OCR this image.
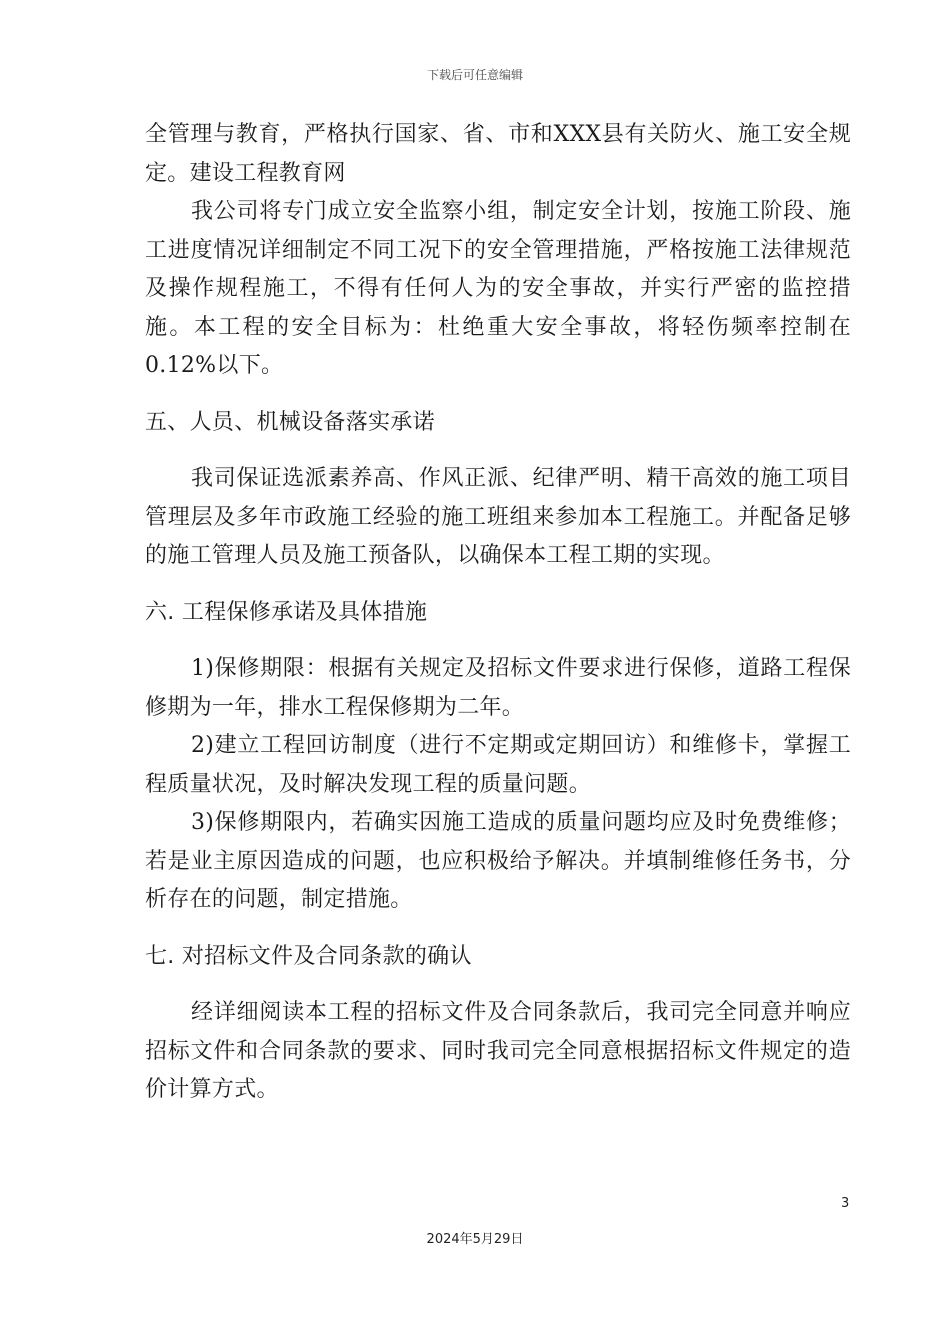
下载后可任意编辑

全管理与教育，严格执行国家、省、市和XXX县有关防火、施工安全规定。建设工程教育网

我公司将专门成立安全监察小组，制定安全计划，按施工阶段、施工进度情况详细制定不同工况下的安全管理措施，严格按施工法律规范及操作规程施工，不得有任何人为的安全事故，并实行严密的监控措施。本工程的安全目标为：杜绝重大安全事故，将轻伤频率控制在0.12%以下。

五、人员、机械设备落实承诺

我司保证选派素养高、作风正派、纪律严明、精干高效的施工项目管理层及多年市政施工经验的施工班组来参加本工程施工。并配备足够的施工管理人员及施工预备队，以确保本工程工期的实现。

六. 工程保修承诺及具体措施

1)保修期限：根据有关规定及招标文件要求进行保修，道路工程保修期为一年，排水工程保修期为二年。

2)建立工程回访制度（进行不定期或定期回访）和维修卡，掌握工程质量状况，及时解决发现工程的质量问题。

3)保修期限内，若确实因施工造成的质量问题均应及时免费维修；若是业主原因造成的问题，也应积极给予解决。并填制维修任务书，分析存在的问题，制定措施。

七. 对招标文件及合同条款的确认

经详细阅读本工程的招标文件及合同条款后，我司完全同意并响应招标文件和合同条款的要求、同时我司完全同意根据招标文件规定的造价计算方式。

3
2024年5月29日
